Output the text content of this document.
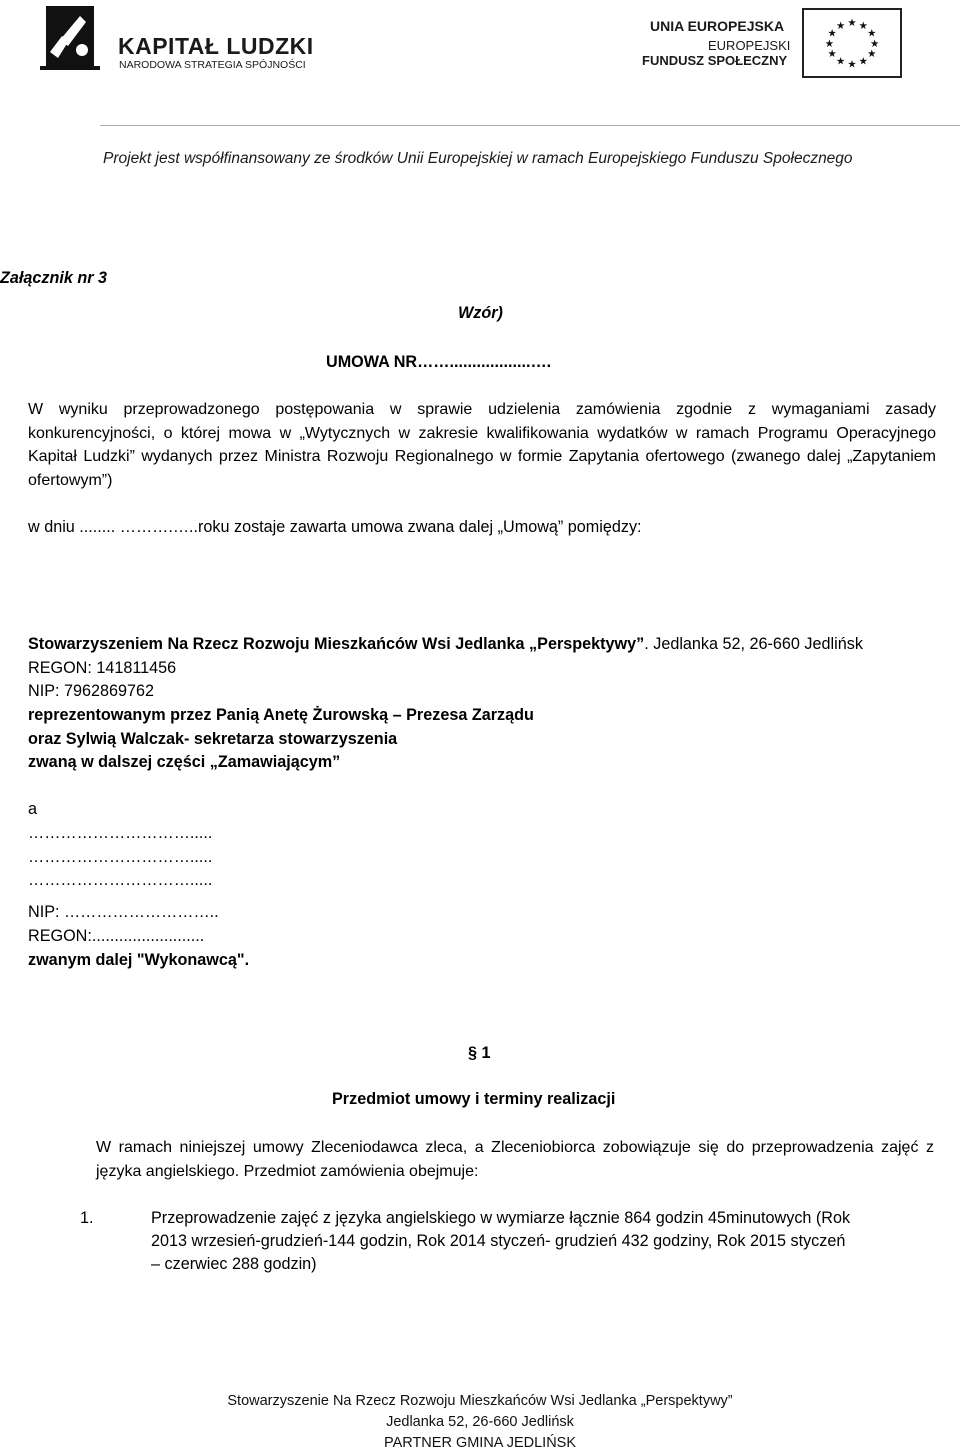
KAPITAŁ LUDZKI
NARODOWA STRATEGIA SPÓJNOŚCI
UNIA EUROPEJSKA
EUROPEJSKI
FUNDUSZ SPOŁECZNY
★ ★
★
★
★
★
★
★
★
★
★
★
Projekt jest współfinansowany ze środków Unii Europejskiej w ramach Europejskiego Funduszu Społecznego
Załącznik nr 3
Wzór)
UMOWA NR……..................….
W wyniku przeprowadzonego postępowania w sprawie udzielenia zamówienia zgodnie z wymaganiami zasady konkurencyjności, o której mowa w „Wytycznych w zakresie kwalifikowania wydatków w ramach Programu Operacyjnego Kapitał Ludzki” wydanych przez Ministra Rozwoju Regionalnego w formie Zapytania ofertowego (zwanego dalej „Zapytaniem ofertowym”)
w dniu ........ ……….…..roku zostaje zawarta umowa zwana dalej „Umową” pomiędzy:
Stowarzyszeniem Na Rzecz Rozwoju Mieszkańców Wsi Jedlanka „Perspektywy”. Jedlanka 52, 26-660 Jedlińsk
REGON: 141811456
NIP: 7962869762
reprezentowanym przez Panią Anetę Żurowską – Prezesa Zarządu
oraz Sylwią Walczak- sekretarza stowarzyszenia
zwaną w dalszej części „Zamawiającym”
a
………………………….....
………………………….....
………………………….....
NIP: ………………………..
REGON:.........................
zwanym dalej "Wykonawcą".
§ 1
Przedmiot umowy i terminy realizacji
W ramach niniejszej umowy Zleceniodawca zleca, a Zleceniobiorca zobowiązuje się do przeprowadzenia zajęć z języka angielskiego. Przedmiot zamówienia obejmuje:
1.	Przeprowadzenie zajęć z języka angielskiego w wymiarze łącznie 864 godzin 45minutowych (Rok
2013 wrzesień-grudzień-144 godzin, Rok 2014 styczeń- grudzień 432 godziny, Rok 2015 styczeń
– czerwiec 288 godzin)
Stowarzyszenie Na Rzecz Rozwoju Mieszkańców Wsi Jedlanka „Perspektywy”
Jedlanka 52, 26-660 Jedlińsk
PARTNER GMINA JEDLIŃSK
